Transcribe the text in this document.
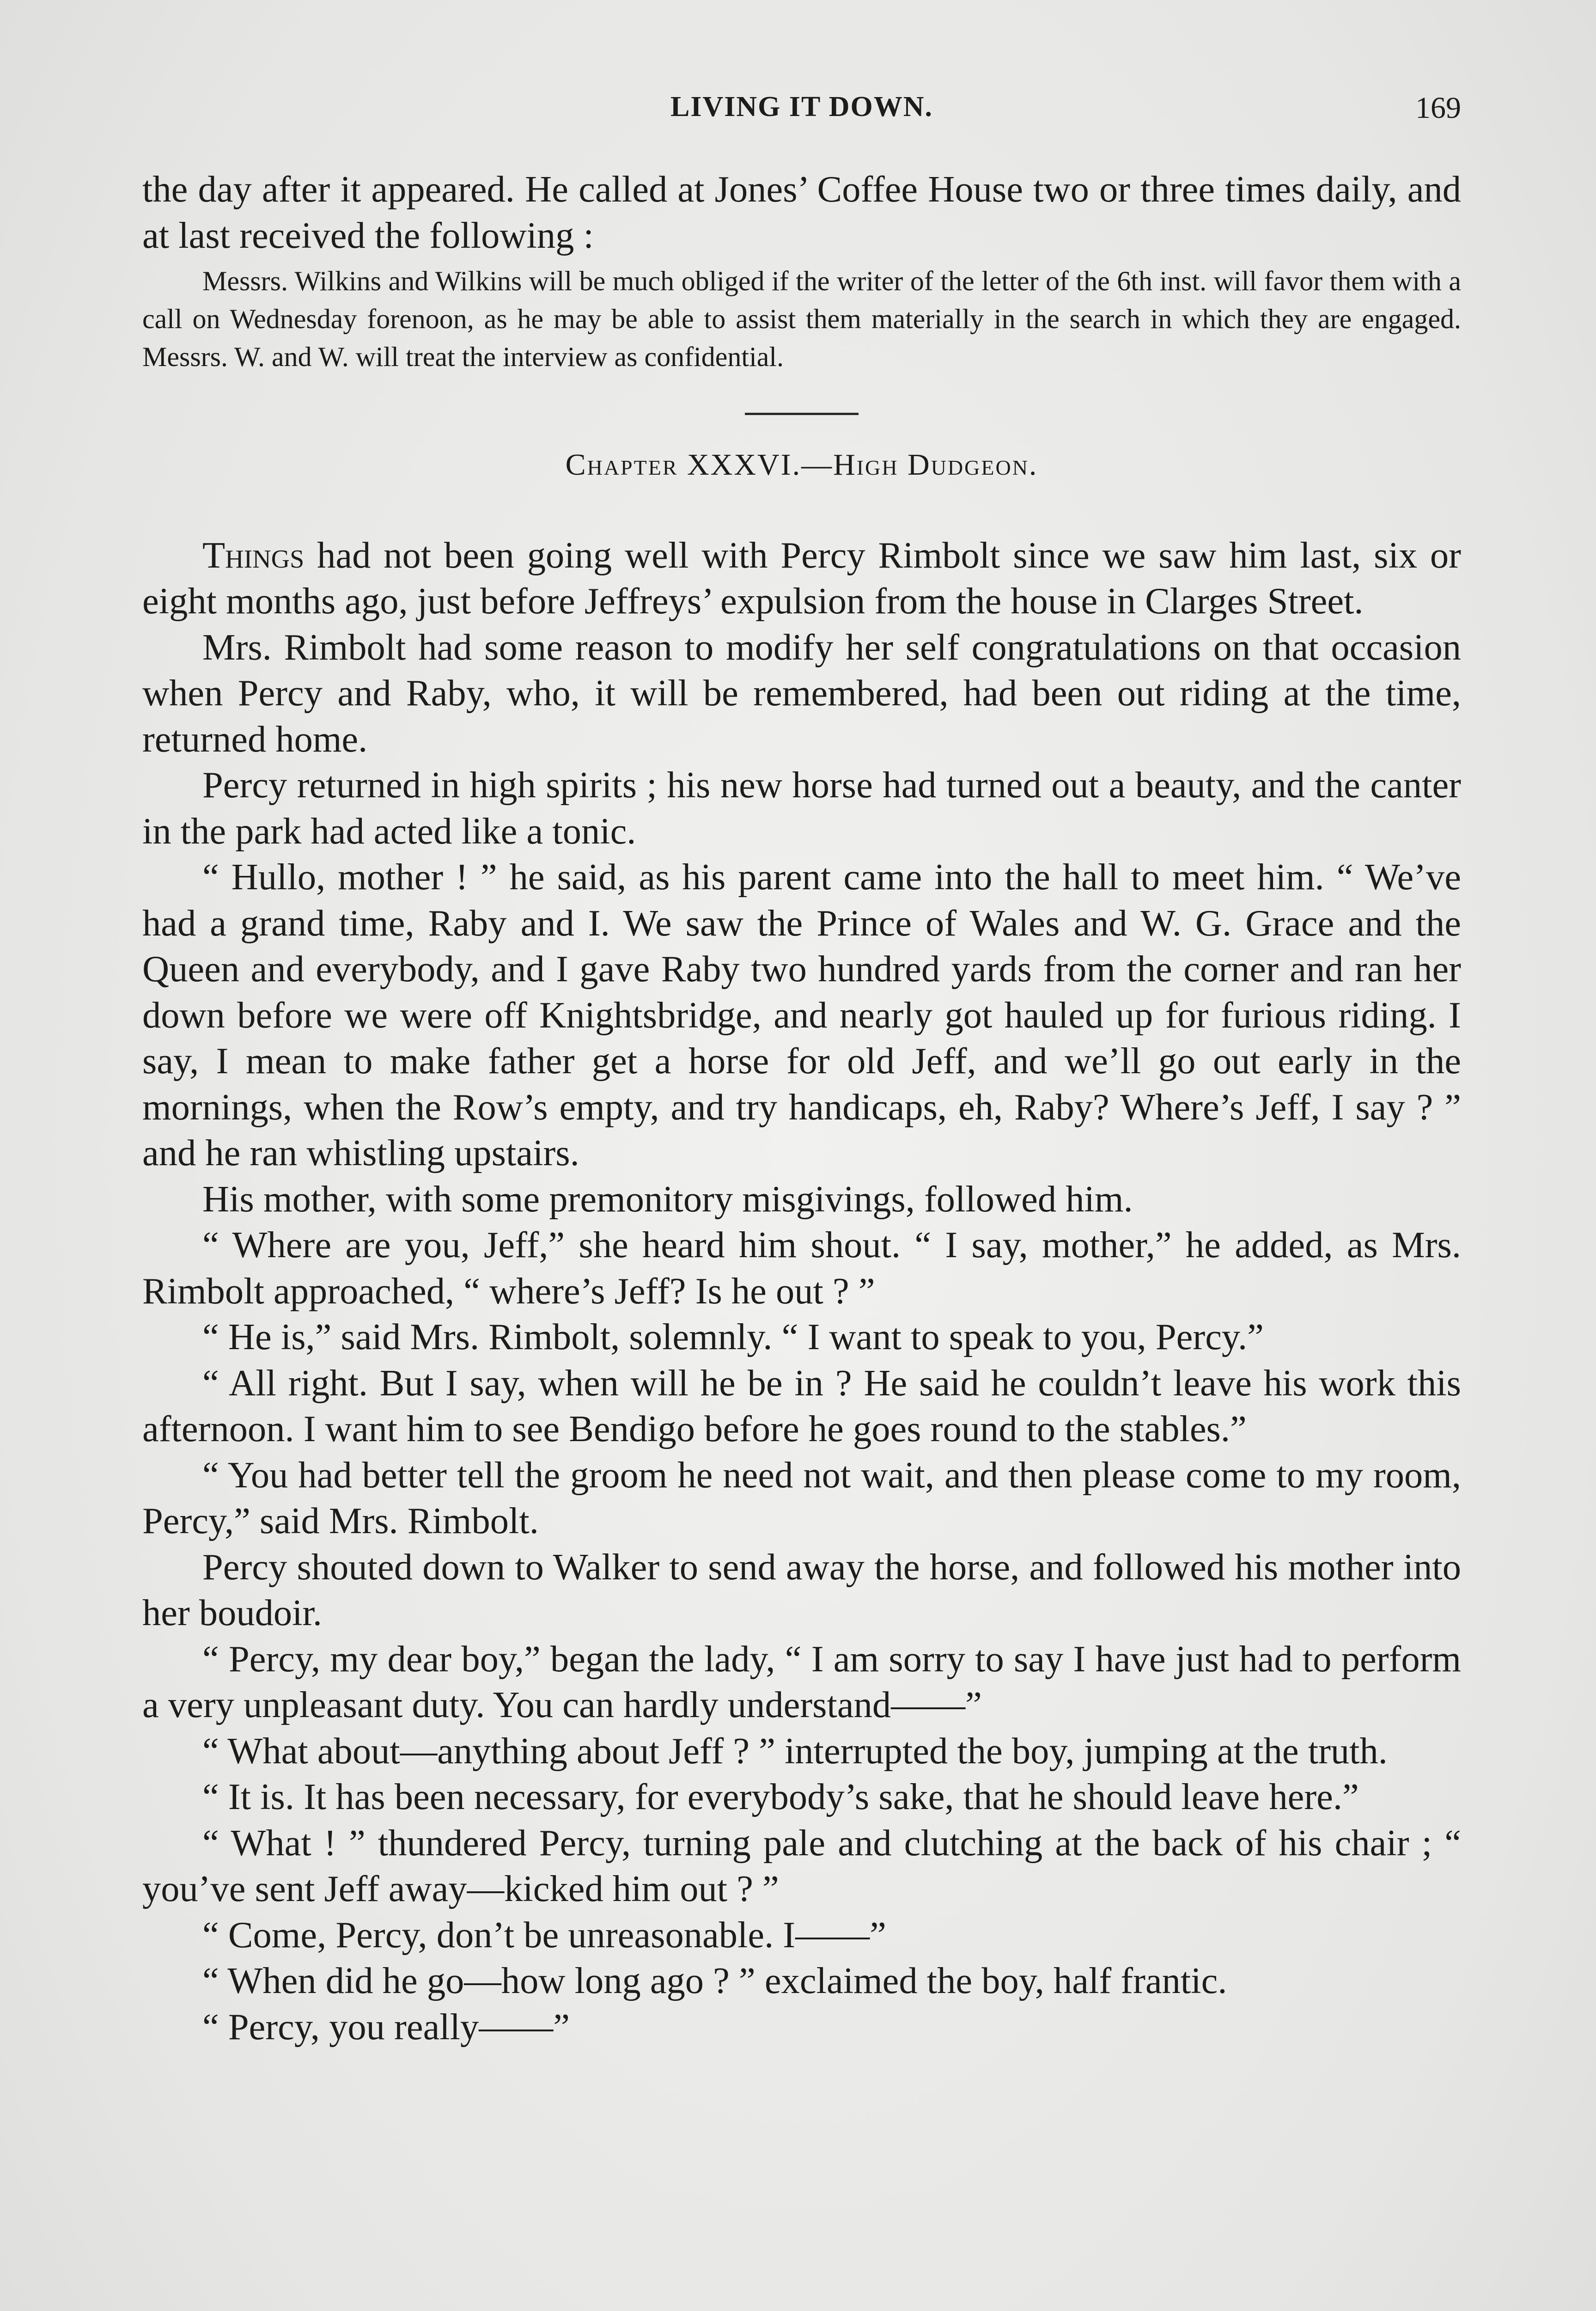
LIVING IT DOWN.	169

the day after it appeared. He called at Jones’ Coffee House two or three times daily, and at last received the following :

Messrs. Wilkins and Wilkins will be much obliged if the writer of the letter of the 6th inst. will favor them with a call on Wednesday forenoon, as he may be able to assist them materially in the search in which they are engaged. Messrs. W. and W. will treat the interview as confidential.

Chapter XXXVI.—High Dudgeon.

Things had not been going well with Percy Rimbolt since we saw him last, six or eight months ago, just before Jeffreys’ expulsion from the house in Clarges Street.

Mrs. Rimbolt had some reason to modify her self congratulations on that occasion when Percy and Raby, who, it will be remembered, had been out riding at the time, returned home.

Percy returned in high spirits ; his new horse had turned out a beauty, and the canter in the park had acted like a tonic.

“ Hullo, mother ! ” he said, as his parent came into the hall to meet him. “ We’ve had a grand time, Raby and I. We saw the Prince of Wales and W. G. Grace and the Queen and everybody, and I gave Raby two hundred yards from the corner and ran her down before we were off Knightsbridge, and nearly got hauled up for furious riding. I say, I mean to make father get a horse for old Jeff, and we’ll go out early in the mornings, when the Row’s empty, and try handicaps, eh, Raby? Where’s Jeff, I say ? ” and he ran whistling upstairs.

His mother, with some premonitory misgivings, followed him.

“ Where are you, Jeff,” she heard him shout. “ I say, mother,” he added, as Mrs. Rimbolt approached, “ where’s Jeff? Is he out ? ”

“ He is,” said Mrs. Rimbolt, solemnly. “ I want to speak to you, Percy.”

“ All right. But I say, when will he be in ? He said he couldn’t leave his work this afternoon. I want him to see Bendigo before he goes round to the stables.”

“ You had better tell the groom he need not wait, and then please come to my room, Percy,” said Mrs. Rimbolt.

Percy shouted down to Walker to send away the horse, and followed his mother into her boudoir.

“ Percy, my dear boy,” began the lady, “ I am sorry to say I have just had to perform a very unpleasant duty. You can hardly understand——”

“ What about—anything about Jeff ? ” interrupted the boy, jumping at the truth.

“ It is. It has been necessary, for everybody’s sake, that he should leave here.”

“ What ! ” thundered Percy, turning pale and clutching at the back of his chair ; “ you’ve sent Jeff away—kicked him out ? ”

“ Come, Percy, don’t be unreasonable. I——”

“ When did he go—how long ago ? ” exclaimed the boy, half frantic.

“ Percy, you really——”
